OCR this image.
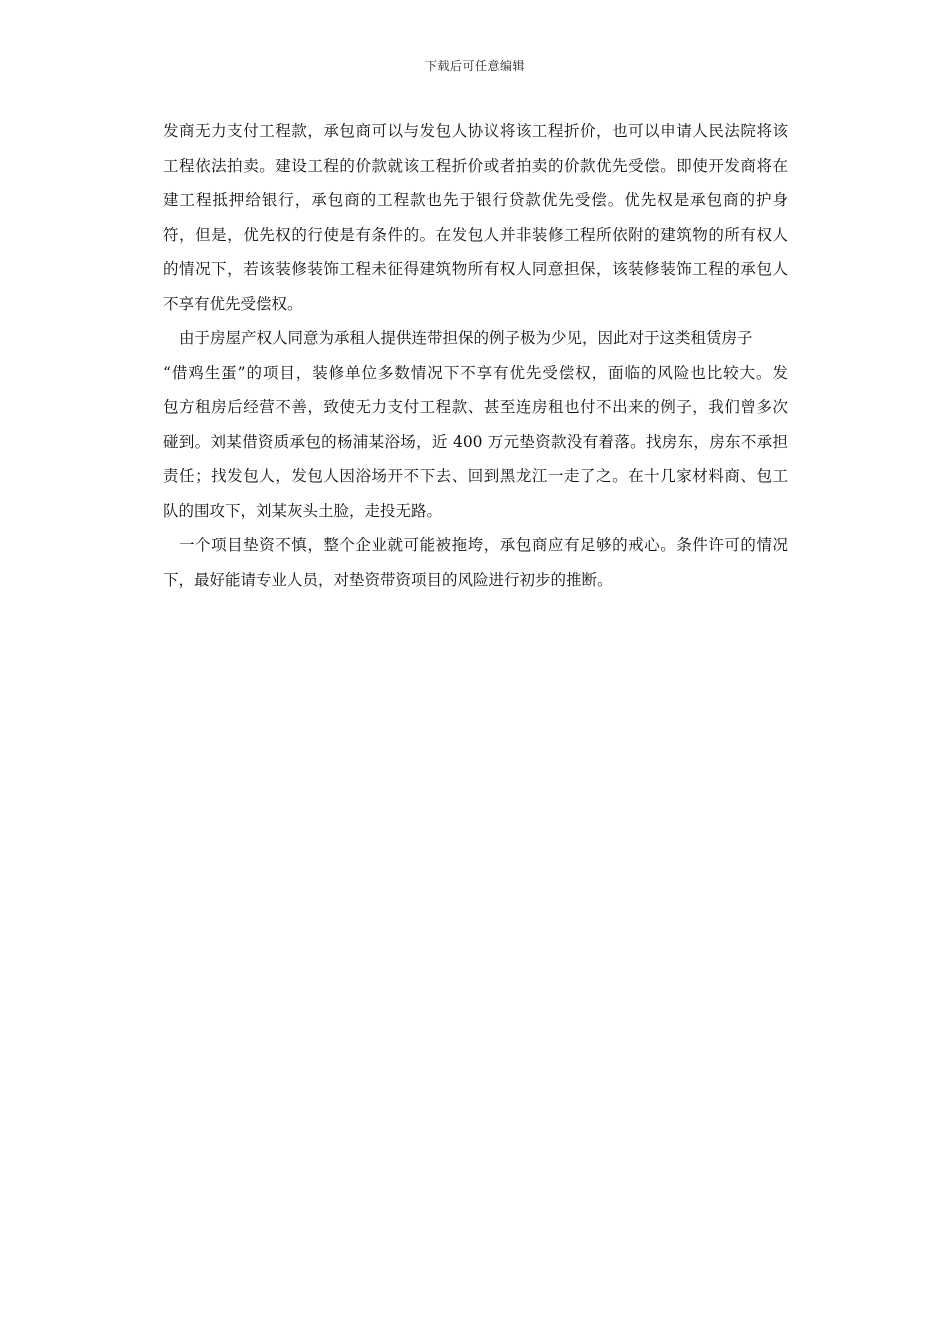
下载后可任意编辑
发商无力支付工程款，承包商可以与发包人协议将该工程折价，也可以申请人民法院将该
工程依法拍卖。建设工程的价款就该工程折价或者拍卖的价款优先受偿。即使开发商将在
建工程抵押给银行，承包商的工程款也先于银行贷款优先受偿。优先权是承包商的护身
符，但是，优先权的行使是有条件的。在发包人并非装修工程所依附的建筑物的所有权人
的情况下，若该装修装饰工程未征得建筑物所有权人同意担保，该装修装饰工程的承包人
不享有优先受偿权。
由于房屋产权人同意为承租人提供连带担保的例子极为少见，因此对于这类租赁房子
“借鸡生蛋”的项目，装修单位多数情况下不享有优先受偿权，面临的风险也比较大。发
包方租房后经营不善，致使无力支付工程款、甚至连房租也付不出来的例子，我们曾多次
碰到。刘某借资质承包的杨浦某浴场，近 400 万元垫资款没有着落。找房东，房东不承担
责任；找发包人，发包人因浴场开不下去、回到黑龙江一走了之。在十几家材料商、包工
队的围攻下，刘某灰头土脸，走投无路。
一个项目垫资不慎，整个企业就可能被拖垮，承包商应有足够的戒心。条件许可的情况
下，最好能请专业人员，对垫资带资项目的风险进行初步的推断。
